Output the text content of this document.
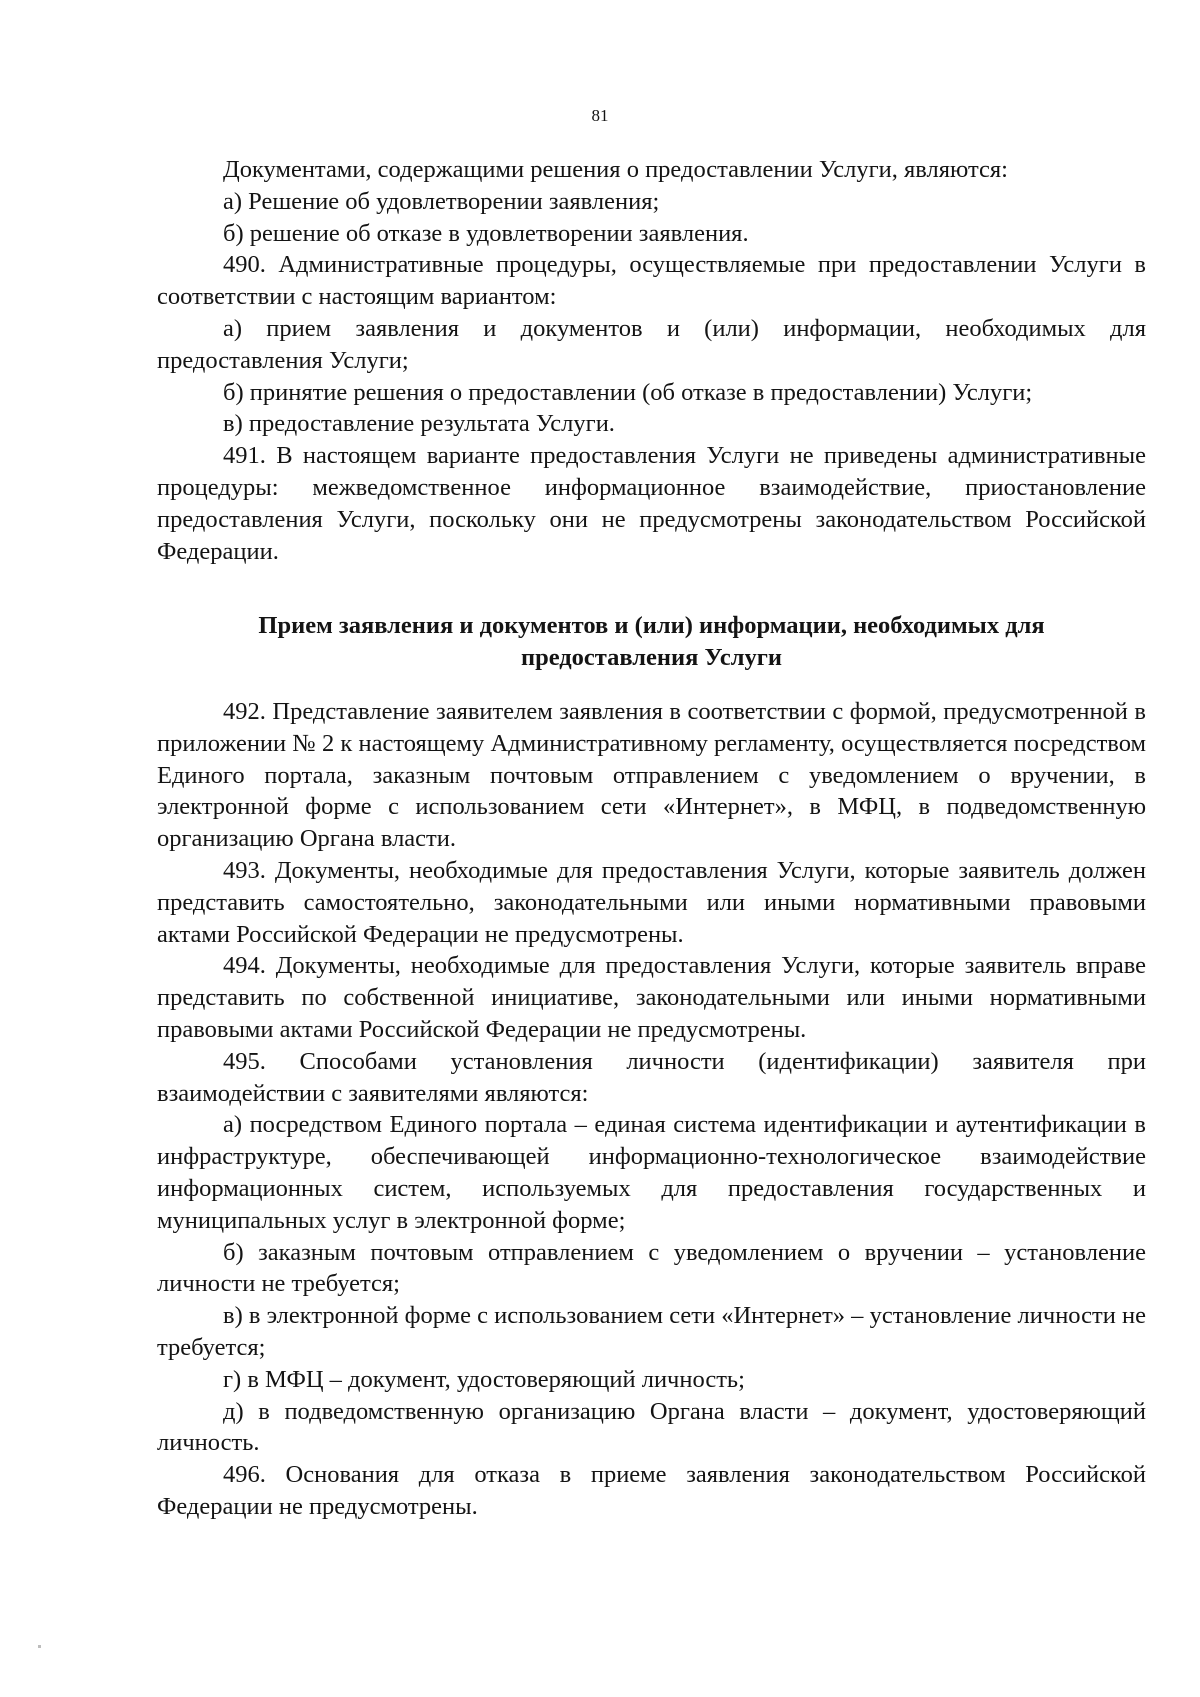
81

Документами, содержащими решения о предоставлении Услуги, являются:

а) Решение об удовлетворении заявления;

б) решение об отказе в удовлетворении заявления.

490. Административные процедуры, осуществляемые при предоставлении Услуги в соответствии с настоящим вариантом:

а) прием заявления и документов и (или) информации, необходимых для предоставления Услуги;

б) принятие решения о предоставлении (об отказе в предоставлении) Услуги;

в) предоставление результата Услуги.

491. В настоящем варианте предоставления Услуги не приведены административные процедуры: межведомственное информационное взаимодействие, приостановление предоставления Услуги, поскольку они не предусмотрены законодательством Российской Федерации.

Прием заявления и документов и (или) информации, необходимых для
предоставления Услуги

492. Представление заявителем заявления в соответствии с формой, предусмотренной в приложении № 2 к настоящему Административному регламенту, осуществляется посредством Единого портала, заказным почтовым отправлением с уведомлением о вручении, в электронной форме с использованием сети «Интернет», в МФЦ, в подведомственную организацию Органа власти.

493. Документы, необходимые для предоставления Услуги, которые заявитель должен представить самостоятельно, законодательными или иными нормативными правовыми актами Российской Федерации не предусмотрены.

494. Документы, необходимые для предоставления Услуги, которые заявитель вправе представить по собственной инициативе, законодательными или иными нормативными правовыми актами Российской Федерации не предусмотрены.

495. Способами установления личности (идентификации) заявителя при взаимодействии с заявителями являются:

а) посредством Единого портала – единая система идентификации и аутентификации в инфраструктуре, обеспечивающей информационно-технологическое взаимодействие информационных систем, используемых для предоставления государственных и муниципальных услуг в электронной форме;

б) заказным почтовым отправлением с уведомлением о вручении – установление личности не требуется;

в) в электронной форме с использованием сети «Интернет» – установление личности не требуется;

г) в МФЦ – документ, удостоверяющий личность;

д) в подведомственную организацию Органа власти – документ, удостоверяющий личность.

496. Основания для отказа в приеме заявления законодательством Российской Федерации не предусмотрены.
